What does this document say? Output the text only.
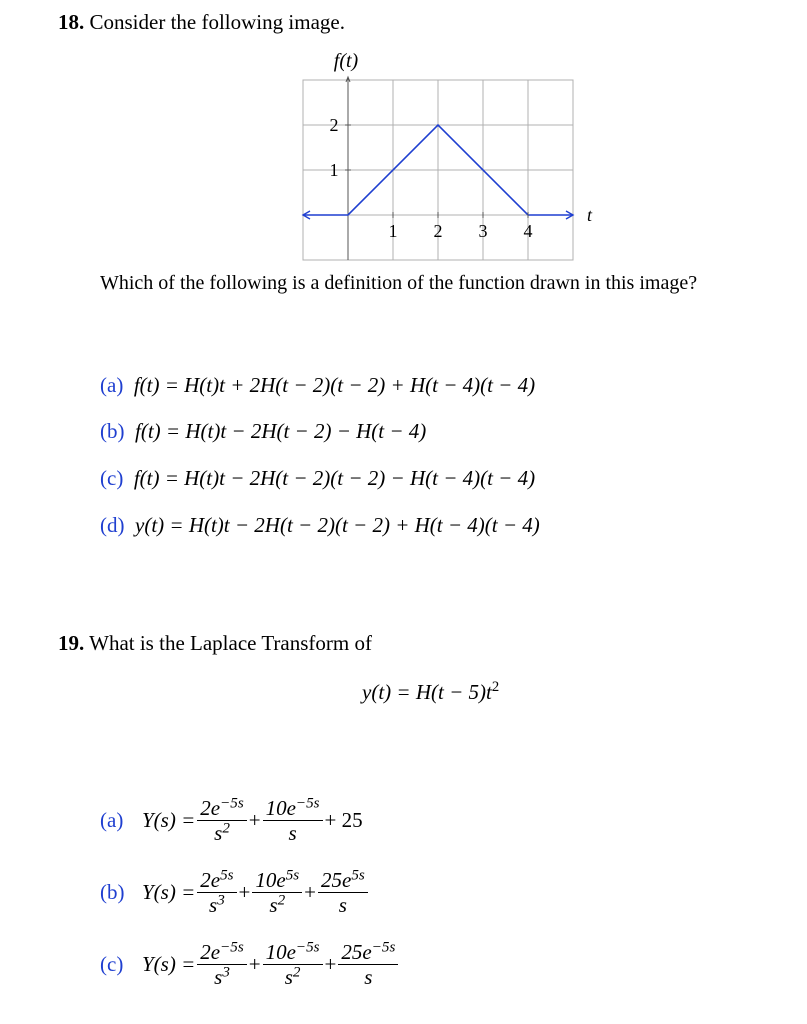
18. Consider the following image.
f(t)
t
1 2 3 4
1
2
Which of the following is a definition of the function drawn in this image?
(a) f(t) = H(t)t + 2H(t − 2)(t − 2) + H(t − 4)(t − 4)
(b) f(t) = H(t)t − 2H(t − 2) − H(t − 4)
(c) f(t) = H(t)t − 2H(t − 2)(t − 2) − H(t − 4)(t − 4)
(d) y(t) = H(t)t − 2H(t − 2)(t − 2) + H(t − 4)(t − 4)
19. What is the Laplace Transform of
$y(t) = H(t - 5)t^2$
(a) $Y(s) = \frac{2e^{-5s}}{s^2} + \frac{10e^{-5s}}{s} + 25$
(b) $Y(s) = \frac{2e^{5s}}{s^3} + \frac{10e^{5s}}{s^2} + \frac{25e^{5s}}{s}$
(c) $Y(s) = \frac{2e^{-5s}}{s^3} + \frac{10e^{-5s}}{s^2} + \frac{25e^{-5s}}{s}$
